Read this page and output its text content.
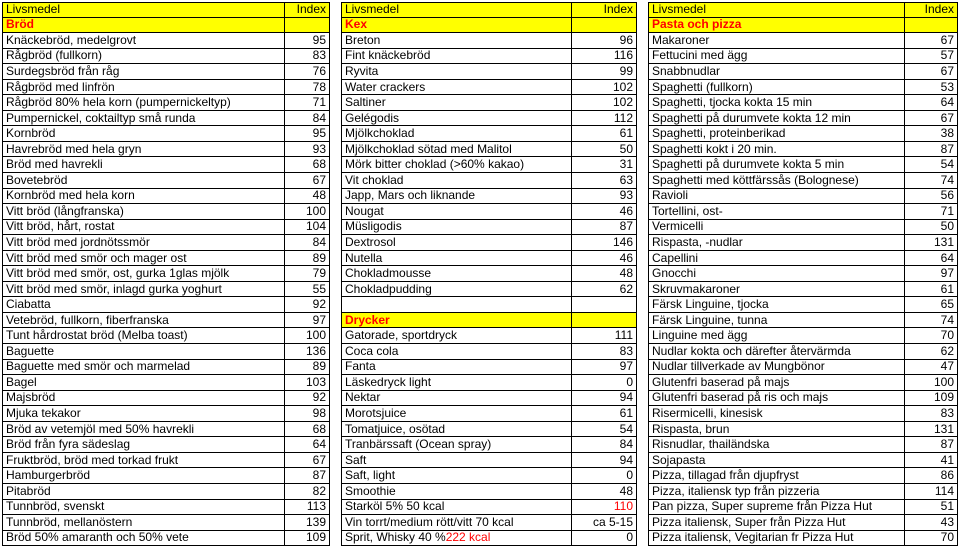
Livsmedel	Index
Bröd
Knäckebröd, medelgrovt	95
Rågbröd (fullkorn)	83
Surdegsbröd från råg	76
Rågbröd med linfrön	78
Rågbröd 80% hela korn (pumpernickeltyp)	71
Pumpernickel, coktailtyp små runda	84
Kornbröd	95
Havrebröd med hela gryn	93
Bröd med havrekli	68
Bovetebröd	67
Kornbröd med hela korn	48
Vitt bröd (långfranska)	100
Vitt bröd, hårt, rostat	104
Vitt bröd med jordnötssmör	84
Vitt bröd med smör och mager ost	89
Vitt bröd med smör, ost, gurka 1glas mjölk	79
Vitt bröd med smör, inlagd gurka yoghurt	55
Ciabatta	92
Vetebröd, fullkorn, fiberfranska	97
Tunt hårdrostat bröd (Melba toast)	100
Baguette	136
Baguette med smör och marmelad	89
Bagel	103
Majsbröd	92
Mjuka tekakor	98
Bröd av vetemjöl med 50% havrekli	68
Bröd från fyra sädeslag	64
Fruktbröd, bröd med torkad frukt	67
Hamburgerbröd	87
Pitabröd	82
Tunnbröd, svenskt	113
Tunnbröd, mellanöstern	139
Bröd 50% amaranth och 50% vete	109
Livsmedel	Index
Kex
Breton	96
Fint knäckebröd	116
Ryvita	99
Water crackers	102
Saltiner	102
Gelégodis	112
Mjölkchoklad	61
Mjölkchoklad sötad med Malitol	50
Mörk bitter choklad (>60% kakao)	31
Vit choklad	63
Japp, Mars och liknande	93
Nougat	46
Müsligodis	87
Dextrosol	146
Nutella	46
Chokladmousse	48
Chokladpudding	62
Drycker
Gatorade, sportdryck	111
Coca cola	83
Fanta	97
Läskedryck light	0
Nektar	94
Morotsjuice	61
Tomatjuice, osötad	54
Tranbärssaft (Ocean spray)	84
Saft	94
Saft, light	0
Smoothie	48
Starköl 5% 50 kcal	110
Vin torrt/medium rött/vitt 70 kcal	ca 5-15
Sprit, Whisky 40 % 222 kcal	0
Livsmedel	Index
Pasta och pizza
Makaroner	67
Fettucini med ägg	57
Snabbnudlar	67
Spaghetti (fullkorn)	53
Spaghetti, tjocka kokta 15 min	64
Spaghetti på durumvete kokta 12 min	67
Spaghetti, proteinberikad	38
Spaghetti kokt i 20 min.	87
Spaghetti på durumvete kokta 5 min	54
Spaghetti med köttfärssås (Bolognese)	74
Ravioli	56
Tortellini, ost-	71
Vermicelli	50
Rispasta, -nudlar	131
Capellini	64
Gnocchi	97
Skruvmakaroner	61
Färsk Linguine, tjocka	65
Färsk Linguine, tunna	74
Linguine med ägg	70
Nudlar kokta och därefter återvärmda	62
Nudlar tillverkade av Mungbönor	47
Glutenfri baserad på majs	100
Glutenfri baserad på ris och majs	109
Risermicelli, kinesisk	83
Rispasta, brun	131
Risnudlar, thailändska	87
Sojapasta	41
Pizza, tillagad från djupfryst	86
Pizza, italiensk typ från pizzeria	114
Pan pizza, Super supreme från Pizza Hut	51
Pizza italiensk, Super från Pizza Hut	43
Pizza italiensk, Vegitarian fr Pizza Hut	70
